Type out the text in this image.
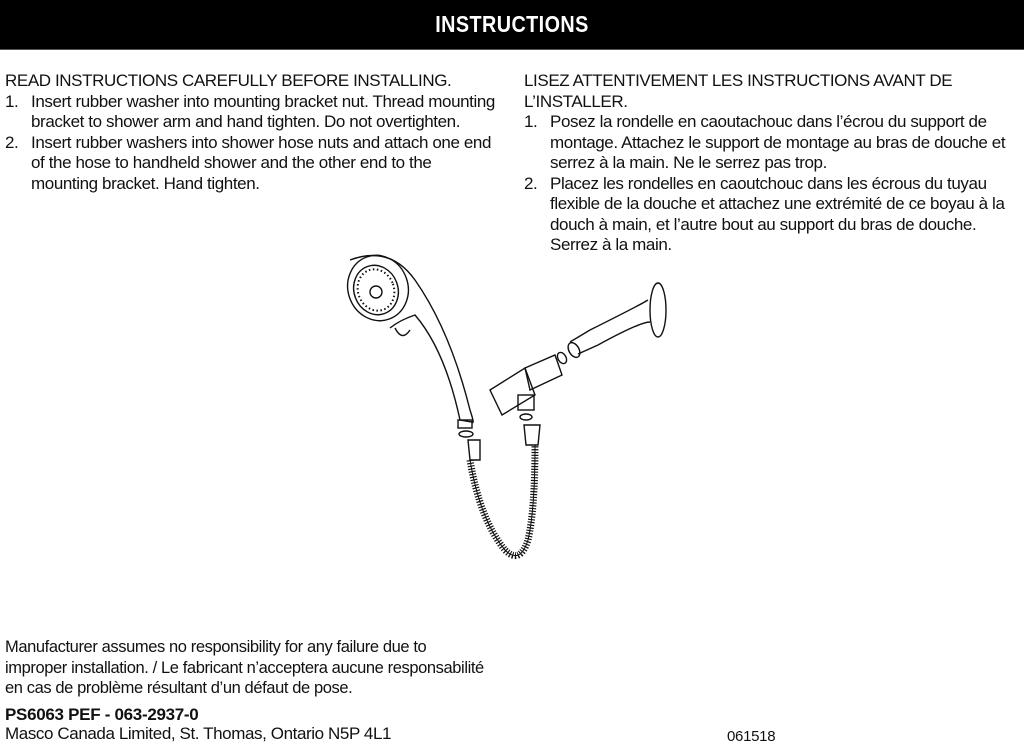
INSTRUCTIONS

READ INSTRUCTIONS CAREFULLY BEFORE INSTALLING.

1. Insert rubber washer into mounting bracket nut. Thread mounting bracket to shower arm and hand tighten. Do not overtighten.
2. Insert rubber washers into shower hose nuts and attach one end of the hose to handheld shower and the other end to the mounting bracket. Hand tighten.

LISEZ ATTENTIVEMENT LES INSTRUCTIONS AVANT DE L’INSTALLER.

1. Posez la rondelle en caoutachouc dans l’écrou du support de montage. Attachez le support de montage au bras de douche et serrez à la main. Ne le serrez pas trop.
2. Placez les rondelles en caoutchouc dans les écrous du tuyau flexible de la douche et attachez une extrémité de ce boyau à la douch à main, et l’autre bout au support du bras de douche. Serrez à la main.
Manufacturer assumes no responsibility for any failure due to improper installation. / Le fabricant n’acceptera aucune responsabilité en cas de problème résultant d’un défaut de pose.
PS6063 PEF - 063-2937-0
Masco Canada Limited, St. Thomas, Ontario N5P 4L1	061518
